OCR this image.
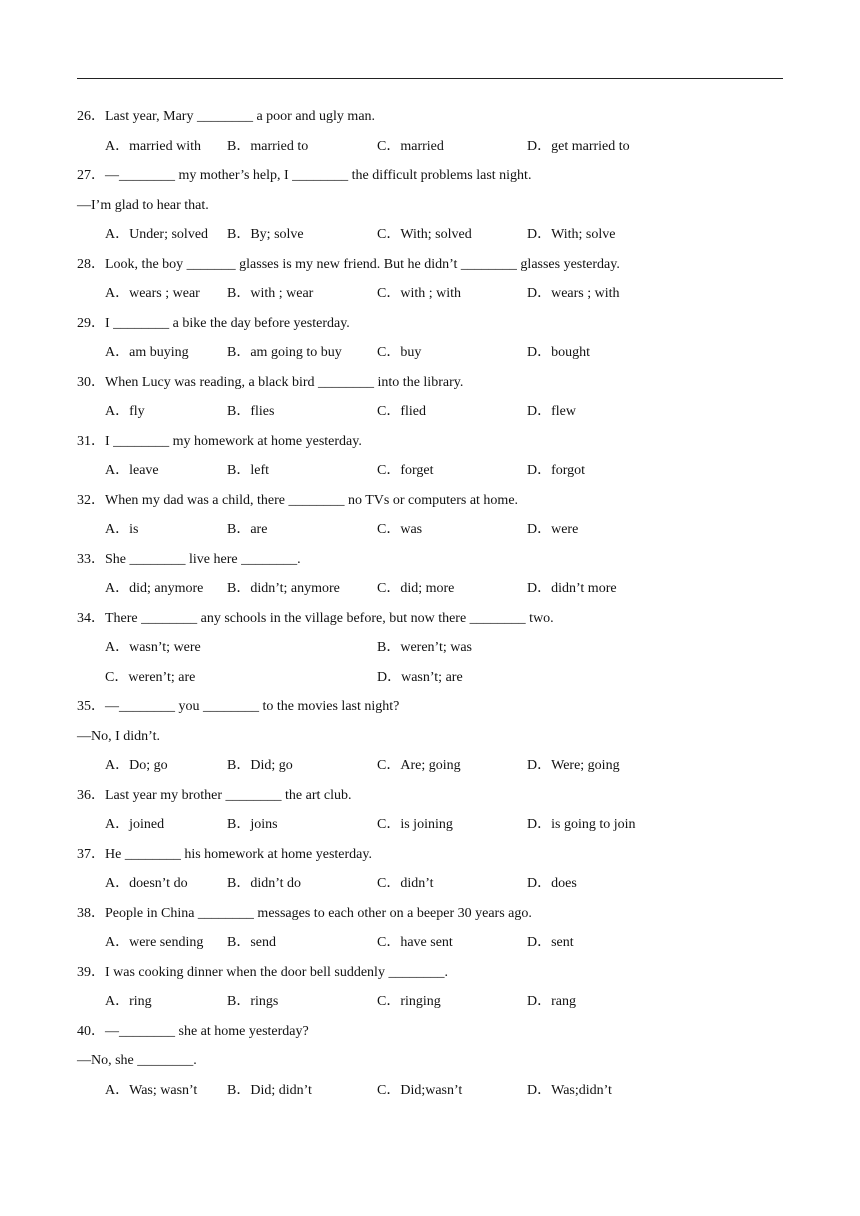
26．Last year, Mary ________ a poor and ugly man.
A．married with B．married to	C．married	D．get married to
27．—________ my mother’s help, I ________ the difficult problems last night.
—I’m glad to hear that.
A．Under; solved B．By; solve	C．With; solved	D．With; solve
28．Look, the boy _______ glasses is my new friend. But he didn’t ________ glasses yesterday.
A．wears ; wear B．with ; wear	C．with ; with	D．wears ; with
29．I ________ a bike the day before yesterday.
A．am buying	B．am going to buy	C．buy	D．bought
30．When Lucy was reading, a black bird ________ into the library.
A．fly	B．flies	C．flied	D．flew
31．I ________ my homework at home yesterday.
A．leave	B．left	C．forget	D．forgot
32．When my dad was a child, there ________ no TVs or computers at home.
A．is	B．are	C．was	D．were
33．She ________ live here ________.
A．did; anymore B．didn’t; anymore	C．did; more	D．didn’t more
34．There ________ any schools in the village before, but now there ________ two.
A．wasn’t; were	B．weren’t; was
C．weren’t; are	D．wasn’t; are
35．—________ you ________ to the movies last night?
—No, I didn’t.
A．Do; go	B．Did; go	C．Are; going	D．Were; going
36．Last year my brother ________ the art club.
A．joined	B．joins	C．is joining	D．is going to join
37．He ________ his homework at home yesterday.
A．doesn’t do	B．didn’t do	C．didn’t	D．does
38．People in China ________ messages to each other on a beeper 30 years ago.
A．were sending B．send	C．have sent	D．sent
39．I was cooking dinner when the door bell suddenly ________.
A．ring	B．rings	C．ringing	D．rang
40．—________ she at home yesterday?
—No, she ________.
A．Was; wasn’t B．Did; didn’t	C．Did;wasn’t	D．Was;didn’t
